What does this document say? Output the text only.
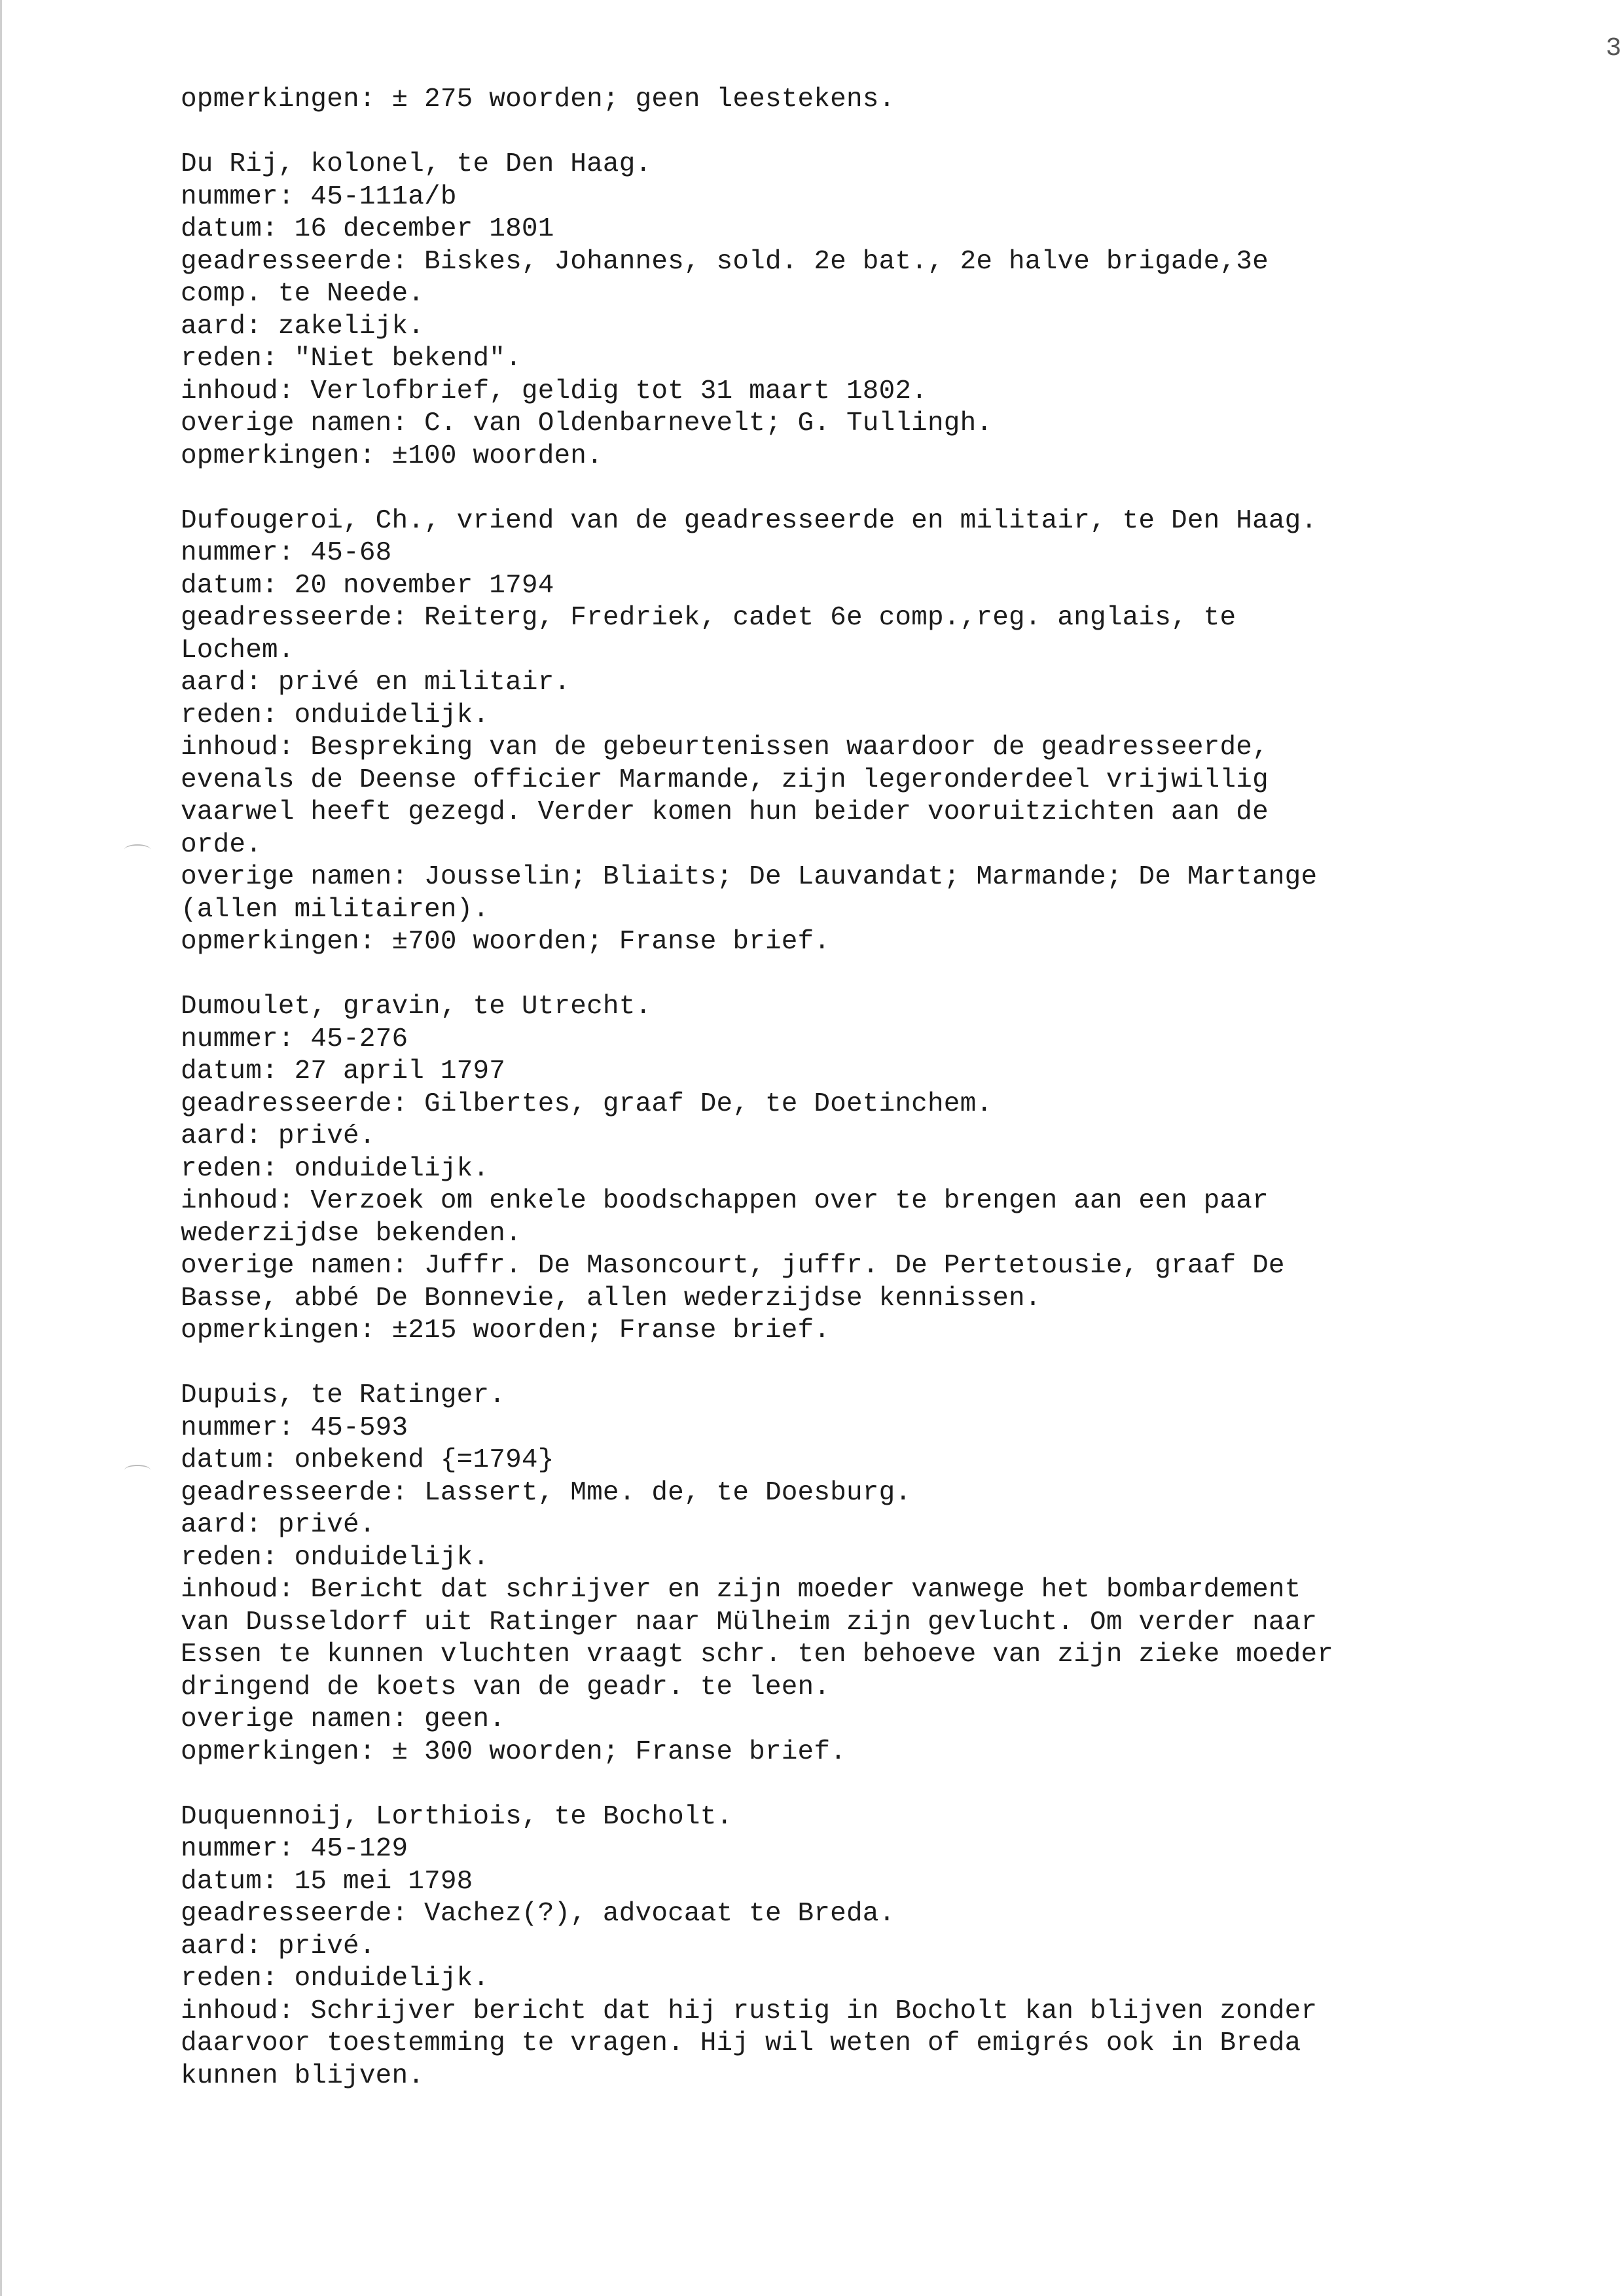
3
opmerkingen: ± 275 woorden; geen leestekens.
Du Rij, kolonel, te Den Haag.
nummer: 45-111a/b
datum: 16 december 1801
geadresseerde: Biskes, Johannes, sold. 2e bat., 2e halve brigade,3e
comp. te Neede.
aard: zakelijk.
reden: "Niet bekend".
inhoud: Verlofbrief, geldig tot 31 maart 1802.
overige namen: C. van Oldenbarnevelt; G. Tullingh.
opmerkingen: ±100 woorden.
Dufougeroi, Ch., vriend van de geadresseerde en militair, te Den Haag.
nummer: 45-68
datum: 20 november 1794
geadresseerde: Reiterg, Fredriek, cadet 6e comp.,reg. anglais, te
Lochem.
aard: privé en militair.
reden: onduidelijk.
inhoud: Bespreking van de gebeurtenissen waardoor de geadresseerde,
evenals de Deense officier Marmande, zijn legeronderdeel vrijwillig
vaarwel heeft gezegd. Verder komen hun beider vooruitzichten aan de
orde.
overige namen: Jousselin; Bliaits; De Lauvandat; Marmande; De Martange
(allen militairen).
opmerkingen: ±700 woorden; Franse brief.
Dumoulet, gravin, te Utrecht.
nummer: 45-276
datum: 27 april 1797
geadresseerde: Gilbertes, graaf De, te Doetinchem.
aard: privé.
reden: onduidelijk.
inhoud: Verzoek om enkele boodschappen over te brengen aan een paar
wederzijdse bekenden.
overige namen: Juffr. De Masoncourt, juffr. De Pertetousie, graaf De
Basse, abbé De Bonnevie, allen wederzijdse kennissen.
opmerkingen: ±215 woorden; Franse brief.
Dupuis, te Ratinger.
nummer: 45-593
datum: onbekend {=1794}
geadresseerde: Lassert, Mme. de, te Doesburg.
aard: privé.
reden: onduidelijk.
inhoud: Bericht dat schrijver en zijn moeder vanwege het bombardement
van Dusseldorf uit Ratinger naar Mülheim zijn gevlucht. Om verder naar
Essen te kunnen vluchten vraagt schr. ten behoeve van zijn zieke moeder
dringend de koets van de geadr. te leen.
overige namen: geen.
opmerkingen: ± 300 woorden; Franse brief.
Duquennoij, Lorthiois, te Bocholt.
nummer: 45-129
datum: 15 mei 1798
geadresseerde: Vachez(?), advocaat te Breda.
aard: privé.
reden: onduidelijk.
inhoud: Schrijver bericht dat hij rustig in Bocholt kan blijven zonder
daarvoor toestemming te vragen. Hij wil weten of emigrés ook in Breda
kunnen blijven.
